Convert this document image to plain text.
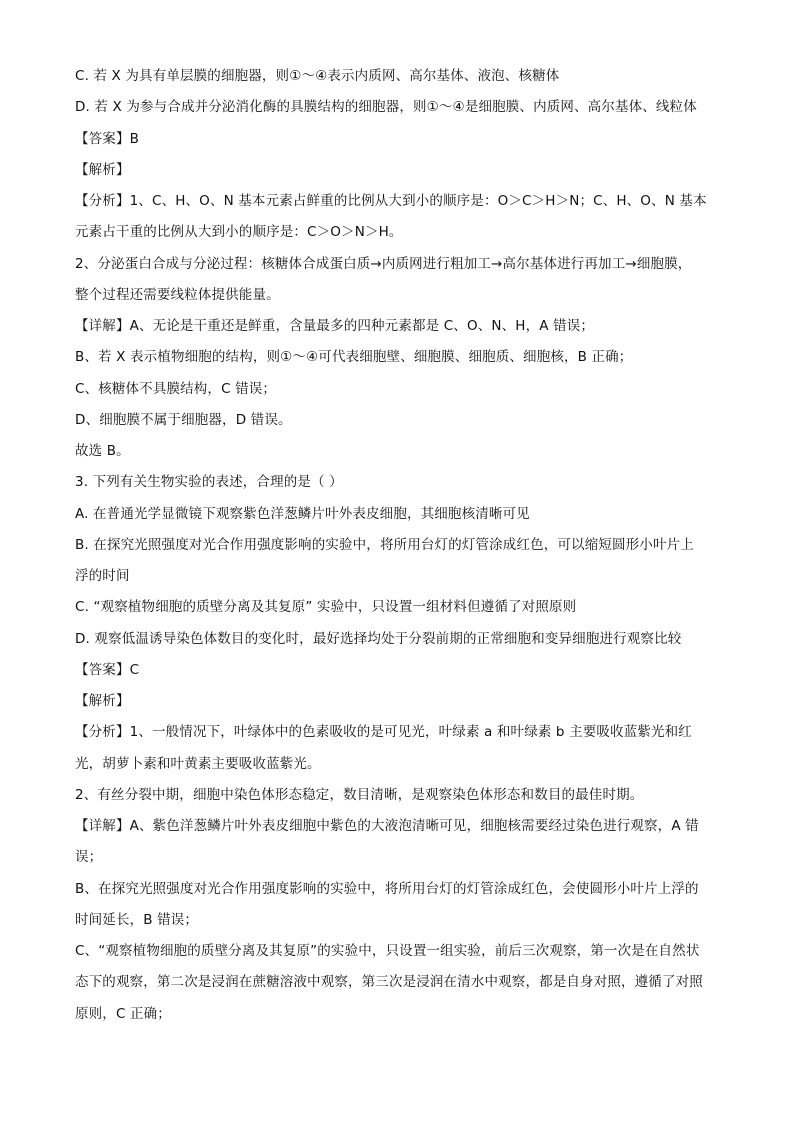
C. 若 X 为具有单层膜的细胞器，则①～④表示内质网、高尔基体、液泡、核糖体
D. 若 X 为参与合成并分泌消化酶的具膜结构的细胞器，则①～④是细胞膜、内质网、高尔基体、线粒体
【答案】B
【解析】
【分析】1、C、H、O、N 基本元素占鲜重的比例从大到小的顺序是：O＞C＞H＞N；C、H、O、N 基本
元素占干重的比例从大到小的顺序是：C＞O＞N＞H。
2、分泌蛋白合成与分泌过程：核糖体合成蛋白质→内质网进行粗加工→高尔基体进行再加工→细胞膜，
整个过程还需要线粒体提供能量。
【详解】A、无论是干重还是鲜重，含量最多的四种元素都是 C、O、N、H，A 错误；
B、若 X 表示植物细胞的结构，则①～④可代表细胞壁、细胞膜、细胞质、细胞核，B 正确；
C、核糖体不具膜结构，C 错误；
D、细胞膜不属于细胞器，D 错误。
故选 B。
3. 下列有关生物实验的表述，合理的是（ ）
A. 在普通光学显微镜下观察紫色洋葱鳞片叶外表皮细胞，其细胞核清晰可见
B. 在探究光照强度对光合作用强度影响的实验中，将所用台灯的灯管涂成红色，可以缩短圆形小叶片上
浮的时间
C. “观察植物细胞的质壁分离及其复原” 实验中，只设置一组材料但遵循了对照原则
D. 观察低温诱导染色体数目的变化时，最好选择均处于分裂前期的正常细胞和变异细胞进行观察比较
【答案】C
【解析】
【分析】1、一般情况下，叶绿体中的色素吸收的是可见光，叶绿素 a 和叶绿素 b 主要吸收蓝紫光和红
光，胡萝卜素和叶黄素主要吸收蓝紫光。
2、有丝分裂中期，细胞中染色体形态稳定，数目清晰，是观察染色体形态和数目的最佳时期。
【详解】A、紫色洋葱鳞片叶外表皮细胞中紫色的大液泡清晰可见，细胞核需要经过染色进行观察，A 错
误；
B、在探究光照强度对光合作用强度影响的实验中，将所用台灯的灯管涂成红色，会使圆形小叶片上浮的
时间延长，B 错误；
C、“观察植物细胞的质壁分离及其复原”的实验中，只设置一组实验，前后三次观察，第一次是在自然状
态下的观察，第二次是浸润在蔗糖溶液中观察，第三次是浸润在清水中观察，都是自身对照，遵循了对照
原则，C 正确；
